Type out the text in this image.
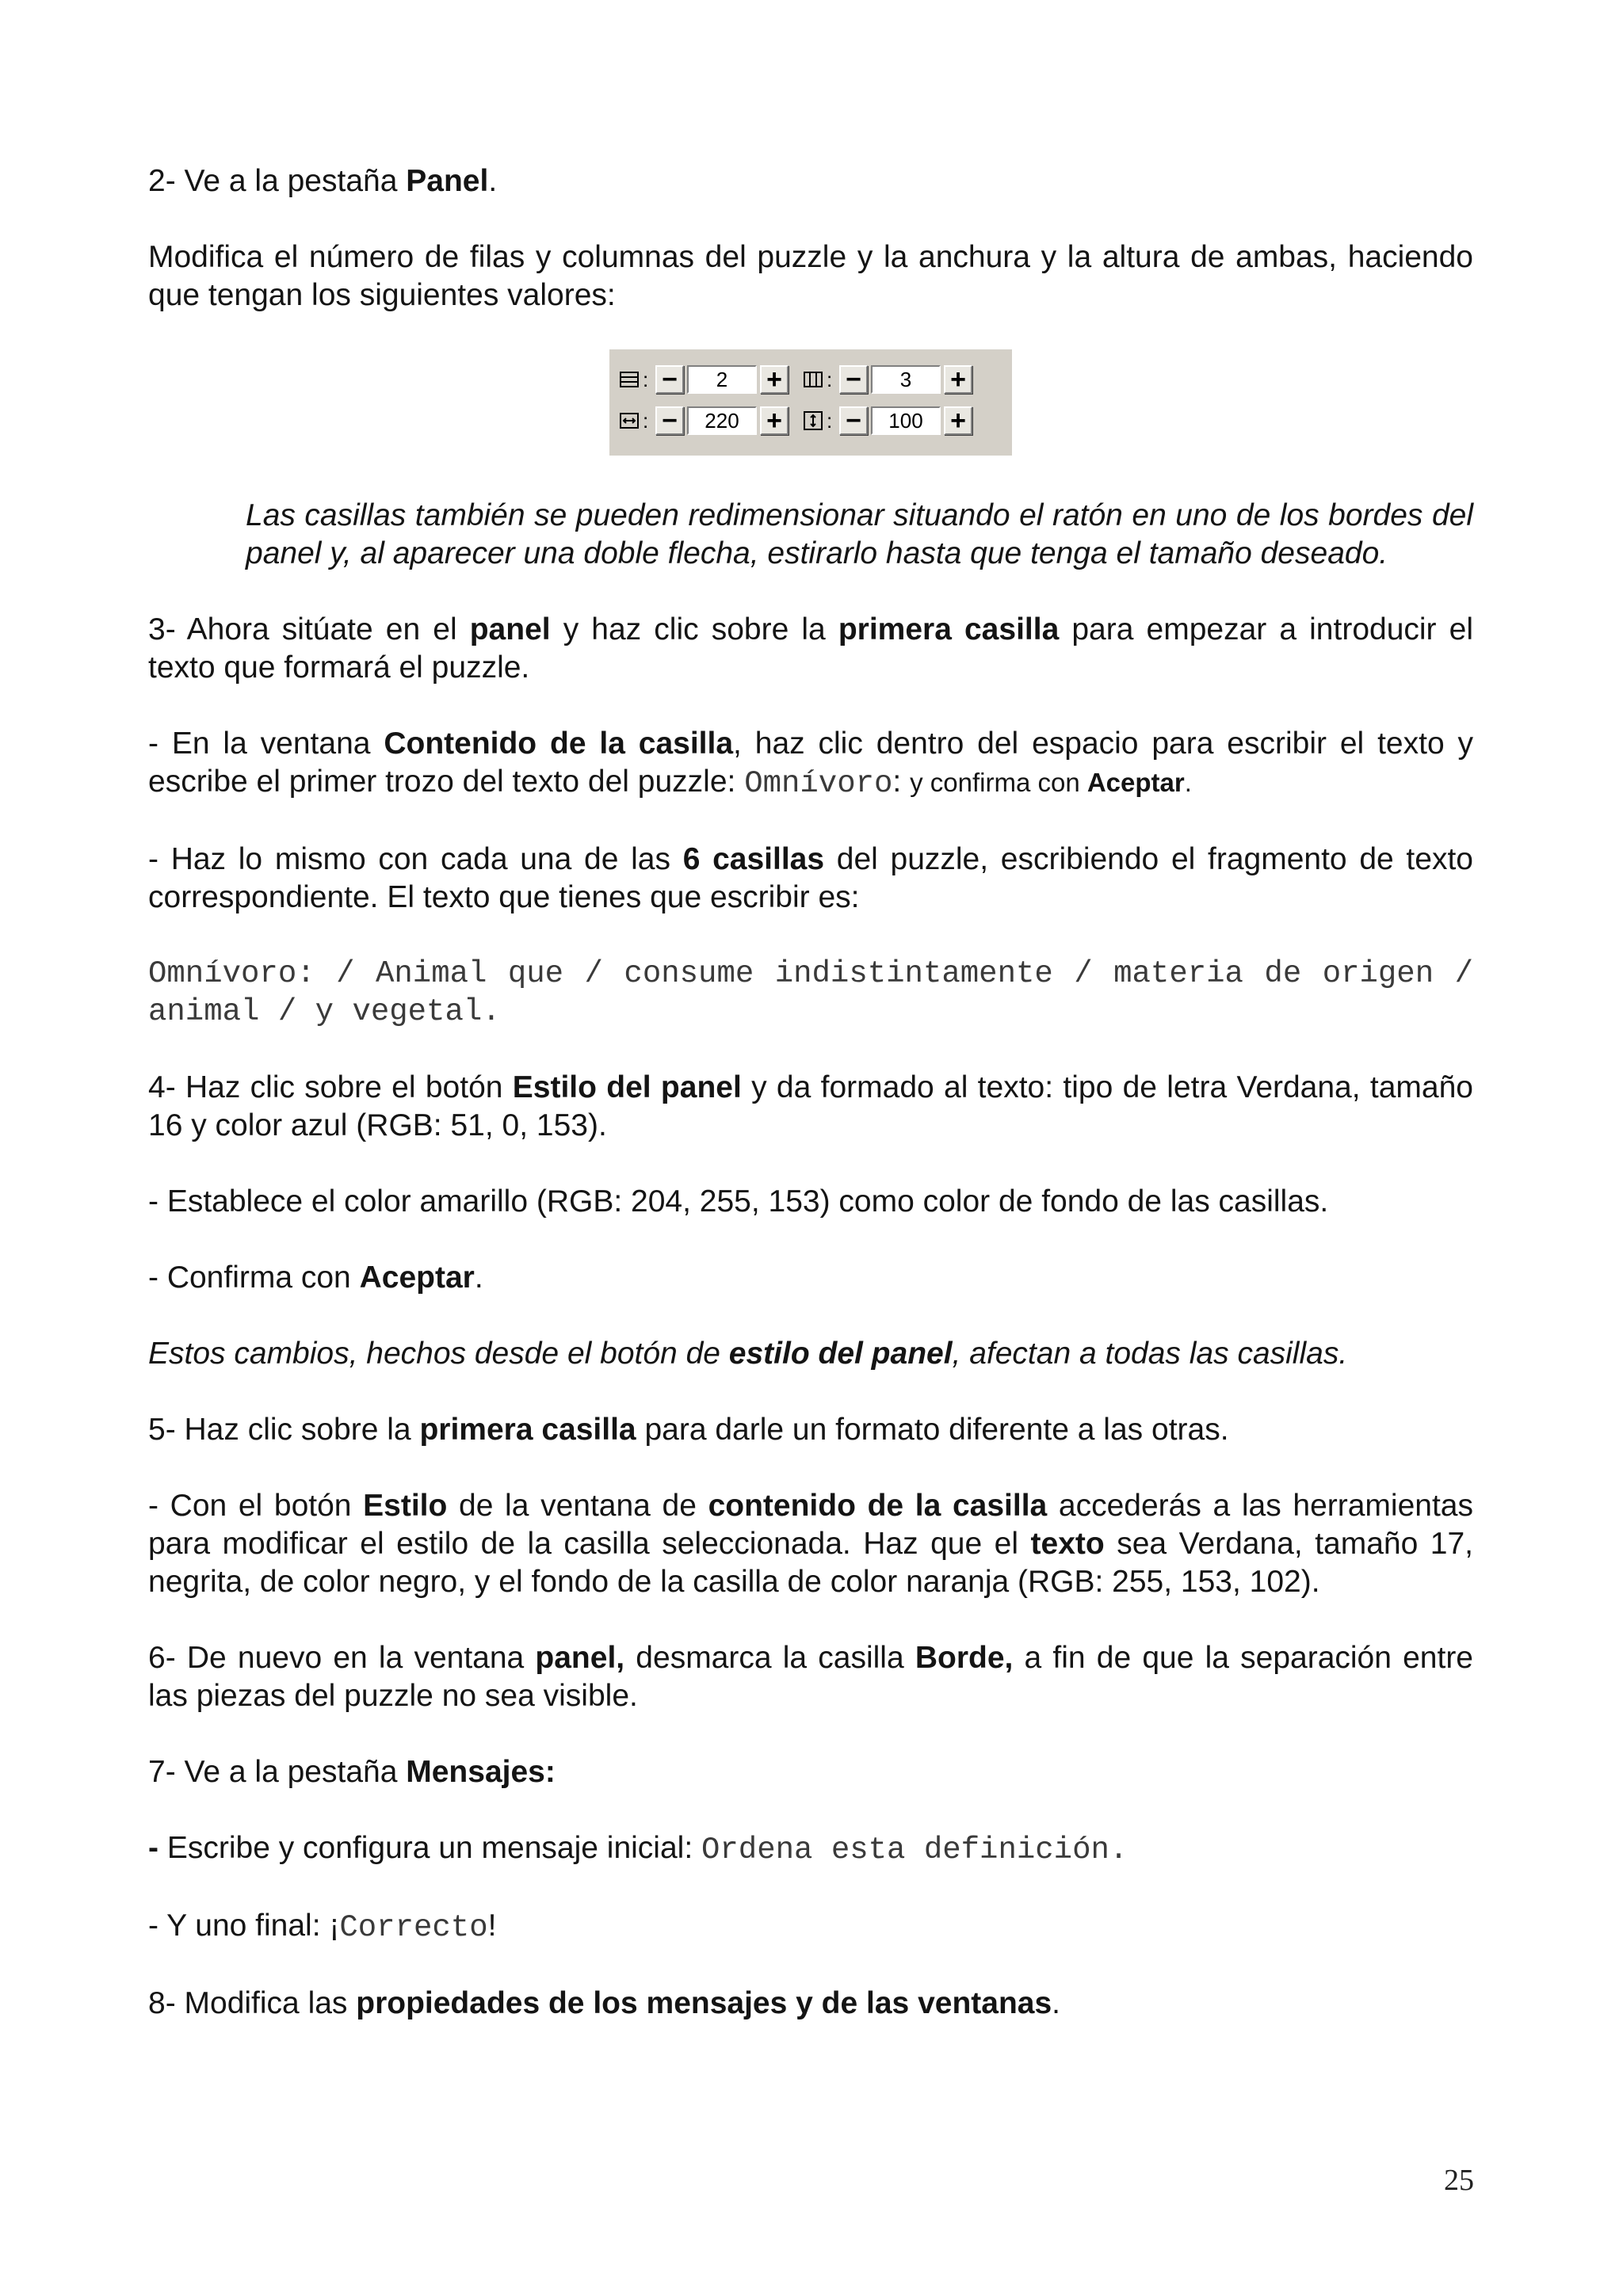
2- Ve a la pestaña Panel.

Modifica el número de filas y columnas del puzzle y la anchura y la altura de ambas, haciendo que tengan los siguientes valores:

: −	2	+	: −	3	+
: −	220	+	: −	100	+

Las casillas también se pueden redimensionar situando el ratón en uno de los bordes del panel y, al aparecer una doble flecha, estirarlo hasta que tenga el tamaño deseado.

3- Ahora sitúate en el panel y haz clic sobre la primera casilla para empezar a introducir el texto que formará el puzzle.

- En la ventana Contenido de la casilla, haz clic dentro del espacio para escribir el texto y escribe el primer trozo del texto del puzzle: Omnívoro: y confirma con Aceptar.

- Haz lo mismo con cada una de las 6 casillas del puzzle, escribiendo el fragmento de texto correspondiente. El texto que tienes que escribir es:

Omnívoro: / Animal que / consume indistintamente / materia de origen / animal / y vegetal.

4- Haz clic sobre el botón Estilo del panel y da formado al texto: tipo de letra Verdana, tamaño 16 y color azul (RGB: 51, 0, 153).

- Establece el color amarillo (RGB: 204, 255, 153) como color de fondo de las casillas.

- Confirma con Aceptar.

Estos cambios, hechos desde el botón de estilo del panel, afectan a todas las casillas.

5- Haz clic sobre la primera casilla para darle un formato diferente a las otras.

- Con el botón Estilo de la ventana de contenido de la casilla accederás a las herramientas para modificar el estilo de la casilla seleccionada. Haz que el texto sea Verdana, tamaño 17, negrita, de color negro, y el fondo de la casilla de color naranja (RGB: 255, 153, 102).

6- De nuevo en la ventana panel, desmarca la casilla Borde, a fin de que la separación entre las piezas del puzzle no sea visible.

7- Ve a la pestaña Mensajes:

- Escribe y configura un mensaje inicial: Ordena esta definición.

- Y uno final: ¡Correcto!

8- Modifica las propiedades de los mensajes y de las ventanas.

25
